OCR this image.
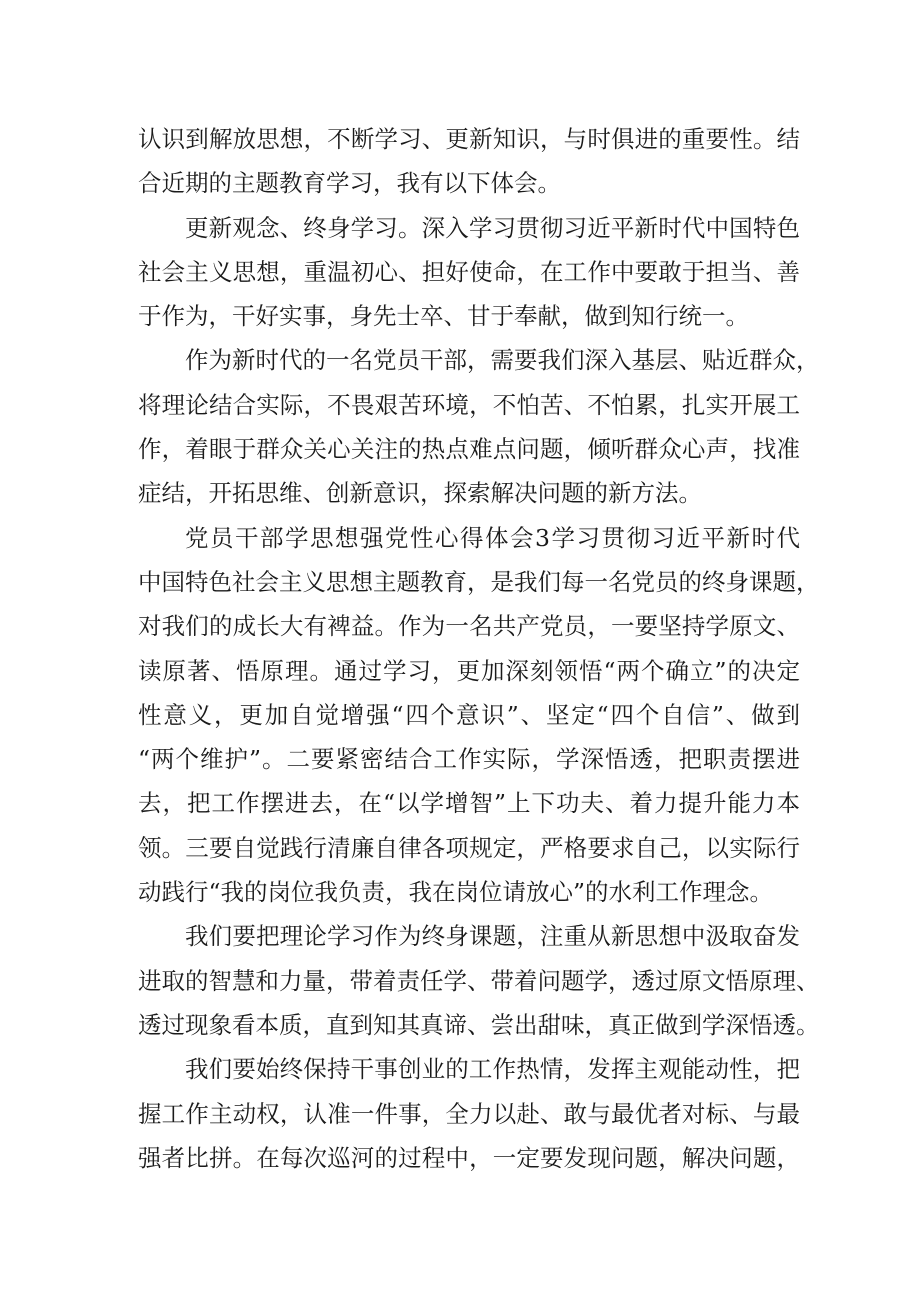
认识到解放思想，不断学习、更新知识，与时俱进的重要性。结
合近期的主题教育学习，我有以下体会。
更新观念、终身学习。深入学习贯彻习近平新时代中国特色
社会主义思想，重温初心、担好使命，在工作中要敢于担当、善
于作为，干好实事，身先士卒、甘于奉献，做到知行统一。
作为新时代的一名党员干部，需要我们深入基层、贴近群众，
将理论结合实际，不畏艰苦环境，不怕苦、不怕累，扎实开展工
作，着眼于群众关心关注的热点难点问题，倾听群众心声，找准
症结，开拓思维、创新意识，探索解决问题的新方法。
党员干部学思想强党性心得体会3学习贯彻习近平新时代
中国特色社会主义思想主题教育，是我们每一名党员的终身课题，
对我们的成长大有裨益。作为一名共产党员，一要坚持学原文、
读原著、悟原理。通过学习，更加深刻领悟“两个确立”的决定
性意义，更加自觉增强“四个意识”、坚定“四个自信”、做到
“两个维护”。二要紧密结合工作实际，学深悟透，把职责摆进
去，把工作摆进去，在“以学增智”上下功夫、着力提升能力本
领。三要自觉践行清廉自律各项规定，严格要求自己，以实际行
动践行“我的岗位我负责，我在岗位请放心”的水利工作理念。
我们要把理论学习作为终身课题，注重从新思想中汲取奋发
进取的智慧和力量，带着责任学、带着问题学，透过原文悟原理、
透过现象看本质，直到知其真谛、尝出甜味，真正做到学深悟透。
我们要始终保持干事创业的工作热情，发挥主观能动性，把
握工作主动权，认准一件事，全力以赴、敢与最优者对标、与最
强者比拼。在每次巡河的过程中，一定要发现问题，解决问题，
